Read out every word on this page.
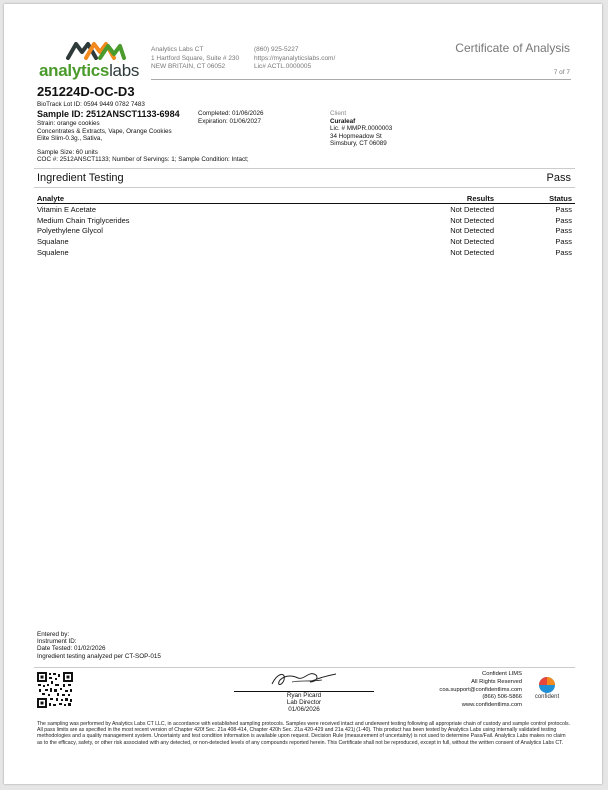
analyticslabs
Analytics Labs CT
1 Hartford Square, Suite # 230
NEW BRITAIN, CT 06052
(860) 925-5227
https://myanalyticslabs.com/
Lic# ACTL.0000005
Certificate of Analysis
7 of 7
251224D-OC-D3
BioTrack Lot ID: 0594 9449 0782 7483
Sample ID: 2512ANSCT1133-6984
Strain: orange cookies
Concentrates & Extracts, Vape, Orange Cookies
Elite Slim-0.3g., Sativa,
Completed: 01/06/2026
Expiration: 01/06/2027
Sample Size: 60 units
COC #: 2512ANSCT1133; Number of Servings: 1; Sample Condition: Intact;
Client
Curaleaf
Lic. # MMPR.0000003
34 Hopmeadow St
Simsbury, CT 06089
Ingredient Testing	Pass
Analyte	Results	Status
Vitamin E Acetate	Not Detected	Pass
Medium Chain Triglycerides	Not Detected	Pass
Polyethylene Glycol	Not Detected	Pass
Squalane	Not Detected	Pass
Squalene	Not Detected	Pass
Entered by:
Instrument ID:
Date Tested: 01/02/2026
Ingredient testing analyzed per CT-SOP-015
Ryan Picard
Lab Director
01/06/2026
Confident LIMS
All Rights Reserved
coa.support@confidentlims.com
(866) 506-5866
www.confidentlims.com
confident
The sampling was performed by Analytics Labs CT LLC, in accordance with established sampling protocols. Samples were received intact and underwent testing following all appropriate chain of custody and sample control protocols. All pass limits are as specified in the most recent version of Chapter 420f Sec. 21a 408-414, Chapter 420h Sec. 21a 420-429 and 21a 421j (1-40). This product has been tested by Analytics Labs using internally validated testing methodologies and a quality management system. Uncertainty and test condition information is available upon request. Decision Rule (measurement of uncertainty) is not used to determine Pass/Fail. Analytics Labs makes no claim as to the efficacy, safety, or other risk associated with any detected, or non-detected levels of any compounds reported herein. This Certificate shall not be reproduced, except in full, without the written consent of Analytics Labs CT.
